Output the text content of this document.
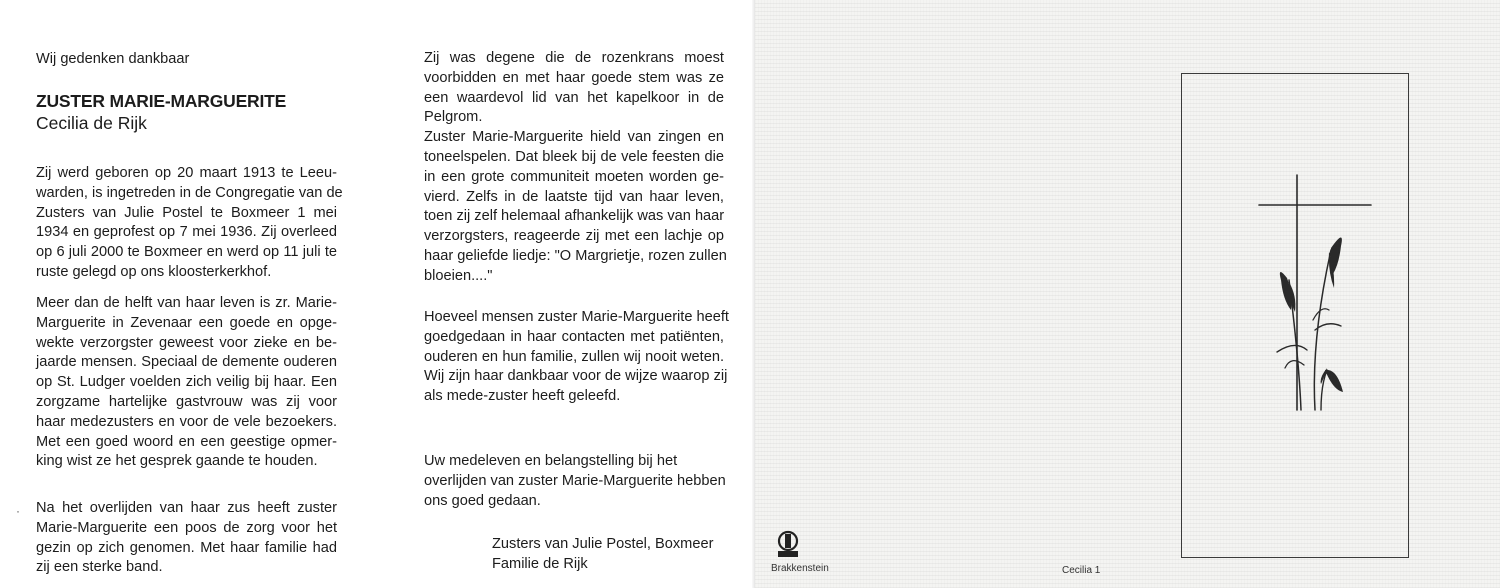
Wij gedenken dankbaar
ZUSTER MARIE-MARGUERITE
Cecilia de Rijk
Zij werd geboren op 20 maart 1913 te Leeu-
warden, is ingetreden in de Congregatie van de
Zusters van Julie Postel te Boxmeer 1 mei
1934 en geprofest op 7 mei 1936. Zij overleed
op 6 juli 2000 te Boxmeer en werd op 11 juli te
ruste gelegd op ons kloosterkerkhof.
Meer dan de helft van haar leven is zr. Marie-
Marguerite in Zevenaar een goede en opge-
wekte verzorgster geweest voor zieke en be-
jaarde mensen. Speciaal de demente ouderen
op St. Ludger voelden zich veilig bij haar. Een
zorgzame hartelijke gastvrouw was zij voor
haar medezusters en voor de vele bezoekers.
Met een goed woord en een geestige opmer-
king wist ze het gesprek gaande te houden.
Na het overlijden van haar zus heeft zuster
Marie-Marguerite een poos de zorg voor het
gezin op zich genomen. Met haar familie had
zij een sterke band.
·
Zij was degene die de rozenkrans moest
voorbidden en met haar goede stem was ze
een waardevol lid van het kapelkoor in de
Pelgrom.
Zuster Marie-Marguerite hield van zingen en
toneelspelen. Dat bleek bij de vele feesten die
in een grote communiteit moeten worden ge-
vierd. Zelfs in de laatste tijd van haar leven,
toen zij zelf helemaal afhankelijk was van haar
verzorgsters, reageerde zij met een lachje op
haar geliefde liedje: "O Margrietje, rozen zullen
bloeien...."
Hoeveel mensen zuster Marie-Marguerite heeft
goedgedaan in haar contacten met patiënten,
ouderen en hun familie, zullen wij nooit weten.
Wij zijn haar dankbaar voor de wijze waarop zij
als mede-zuster heeft geleefd.
Uw medeleven en belangstelling bij het
overlijden van zuster Marie-Marguerite hebben
ons goed gedaan.
Zusters van Julie Postel, Boxmeer
Familie de Rijk	Brakkenstein	Cecilia 1
